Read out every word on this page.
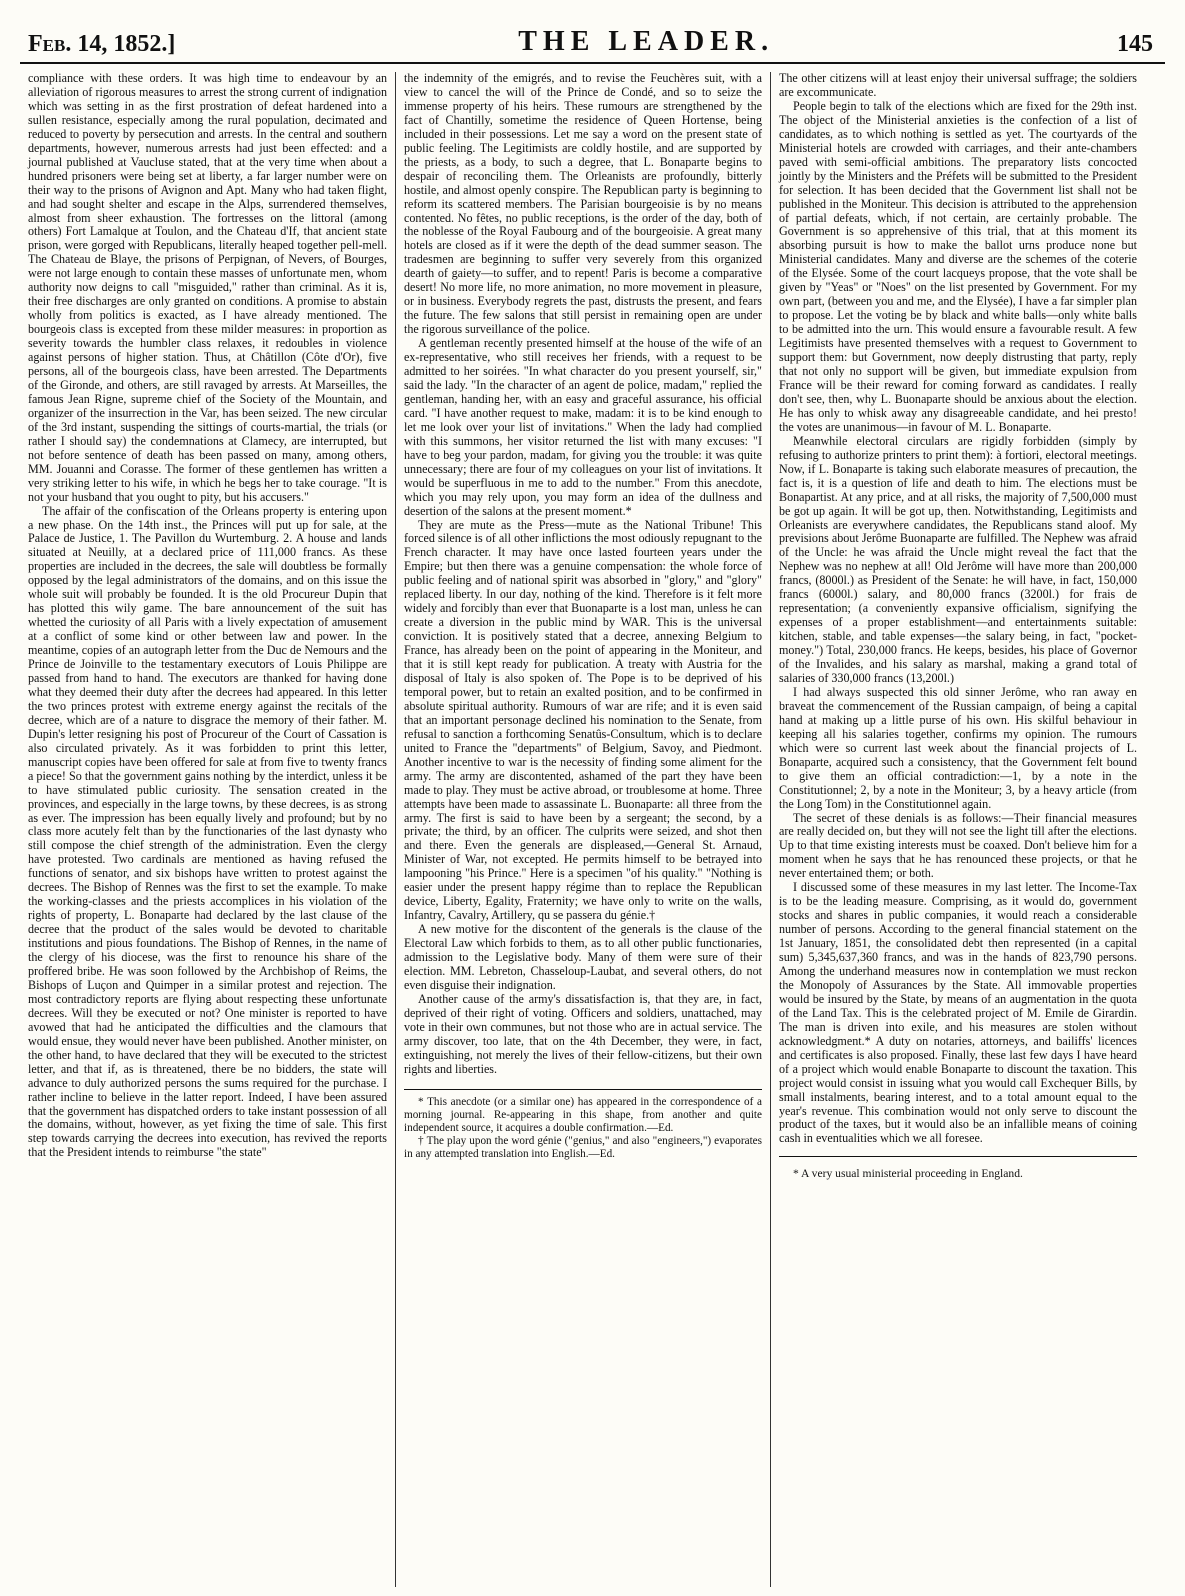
Feb. 14, 1852.]	THE LEADER.	145

compliance with these orders. It was high time to endeavour by an alleviation of rigorous measures to arrest the strong current of indignation which was setting in as the first prostration of defeat hardened into a sullen resistance, especially among the rural population, decimated and reduced to poverty by persecution and arrests. In the central and southern departments, however, numerous arrests had just been effected: and a journal published at Vaucluse stated, that at the very time when about a hundred prisoners were being set at liberty, a far larger number were on their way to the prisons of Avignon and Apt. Many who had taken flight, and had sought shelter and escape in the Alps, surrendered themselves, almost from sheer exhaustion. The fortresses on the littoral (among others) Fort Lamalque at Toulon, and the Chateau d'If, that ancient state prison, were gorged with Republicans, literally heaped together pell-mell. The Chateau de Blaye, the prisons of Perpignan, of Nevers, of Bourges, were not large enough to contain these masses of unfortunate men, whom authority now deigns to call "misguided," rather than criminal. As it is, their free discharges are only granted on conditions. A promise to abstain wholly from politics is exacted, as I have already mentioned. The bourgeois class is excepted from these milder measures: in proportion as severity towards the humbler class relaxes, it redoubles in violence against persons of higher station. Thus, at Châtillon (Côte d'Or), five persons, all of the bourgeois class, have been arrested. The Departments of the Gironde, and others, are still ravaged by arrests. At Marseilles, the famous Jean Rigne, supreme chief of the Society of the Mountain, and organizer of the insurrection in the Var, has been seized. The new circular of the 3rd instant, suspending the sittings of courts-martial, the trials (or rather I should say) the condemnations at Clamecy, are interrupted, but not before sentence of death has been passed on many, among others, MM. Jouanni and Corasse. The former of these gentlemen has written a very striking letter to his wife, in which he begs her to take courage. "It is not your husband that you ought to pity, but his accusers."

The affair of the confiscation of the Orleans property is entering upon a new phase. On the 14th inst., the Princes will put up for sale, at the Palace de Justice, 1. The Pavillon du Wurtemburg. 2. A house and lands situated at Neuilly, at a declared price of 111,000 francs. As these properties are included in the decrees, the sale will doubtless be formally opposed by the legal administrators of the domains, and on this issue the whole suit will probably be founded. It is the old Procureur Dupin that has plotted this wily game. The bare announcement of the suit has whetted the curiosity of all Paris with a lively expectation of amusement at a conflict of some kind or other between law and power. In the meantime, copies of an autograph letter from the Duc de Nemours and the Prince de Joinville to the testamentary executors of Louis Philippe are passed from hand to hand. The executors are thanked for having done what they deemed their duty after the decrees had appeared. In this letter the two princes protest with extreme energy against the recitals of the decree, which are of a nature to disgrace the memory of their father. M. Dupin's letter resigning his post of Procureur of the Court of Cassation is also circulated privately. As it was forbidden to print this letter, manuscript copies have been offered for sale at from five to twenty francs a piece! So that the government gains nothing by the interdict, unless it be to have stimulated public curiosity. The sensation created in the provinces, and especially in the large towns, by these decrees, is as strong as ever. The impression has been equally lively and profound; but by no class more acutely felt than by the functionaries of the last dynasty who still compose the chief strength of the administration. Even the clergy have protested. Two cardinals are mentioned as having refused the functions of senator, and six bishops have written to protest against the decrees. The Bishop of Rennes was the first to set the example. To make the working-classes and the priests accomplices in his violation of the rights of property, L. Bonaparte had declared by the last clause of the decree that the product of the sales would be devoted to charitable institutions and pious foundations. The Bishop of Rennes, in the name of the clergy of his diocese, was the first to renounce his share of the proffered bribe. He was soon followed by the Archbishop of Reims, the Bishops of Luçon and Quimper in a similar protest and rejection. The most contradictory reports are flying about respecting these unfortunate decrees. Will they be executed or not? One minister is reported to have avowed that had he anticipated the difficulties and the clamours that would ensue, they would never have been published. Another minister, on the other hand, to have declared that they will be executed to the strictest letter, and that if, as is threatened, there be no bidders, the state will advance to duly authorized persons the sums required for the purchase. I rather incline to believe in the latter report. Indeed, I have been assured that the government has dispatched orders to take instant possession of all the domains, without, however, as yet fixing the time of sale. This first step towards carrying the decrees into execution, has revived the reports that the President intends to reimburse "the state"

the indemnity of the emigrés, and to revise the Feuchères suit, with a view to cancel the will of the Prince de Condé, and so to seize the immense property of his heirs. These rumours are strengthened by the fact of Chantilly, sometime the residence of Queen Hortense, being included in their possessions. Let me say a word on the present state of public feeling. The Legitimists are coldly hostile, and are supported by the priests, as a body, to such a degree, that L. Bonaparte begins to despair of reconciling them. The Orleanists are profoundly, bitterly hostile, and almost openly conspire. The Republican party is beginning to reform its scattered members. The Parisian bourgeoisie is by no means contented. No fêtes, no public receptions, is the order of the day, both of the noblesse of the Royal Faubourg and of the bourgeoisie. A great many hotels are closed as if it were the depth of the dead summer season. The tradesmen are beginning to suffer very severely from this organized dearth of gaiety—to suffer, and to repent! Paris is become a comparative desert! No more life, no more animation, no more movement in pleasure, or in business. Everybody regrets the past, distrusts the present, and fears the future. The few salons that still persist in remaining open are under the rigorous surveillance of the police.

A gentleman recently presented himself at the house of the wife of an ex-representative, who still receives her friends, with a request to be admitted to her soirées. "In what character do you present yourself, sir," said the lady. "In the character of an agent de police, madam," replied the gentleman, handing her, with an easy and graceful assurance, his official card. "I have another request to make, madam: it is to be kind enough to let me look over your list of invitations." When the lady had complied with this summons, her visitor returned the list with many excuses: "I have to beg your pardon, madam, for giving you the trouble: it was quite unnecessary; there are four of my colleagues on your list of invitations. It would be superfluous in me to add to the number." From this anecdote, which you may rely upon, you may form an idea of the dullness and desertion of the salons at the present moment.*

They are mute as the Press—mute as the National Tribune! This forced silence is of all other inflictions the most odiously repugnant to the French character. It may have once lasted fourteen years under the Empire; but then there was a genuine compensation: the whole force of public feeling and of national spirit was absorbed in "glory," and "glory" replaced liberty. In our day, nothing of the kind. Therefore is it felt more widely and forcibly than ever that Buonaparte is a lost man, unless he can create a diversion in the public mind by WAR. This is the universal conviction. It is positively stated that a decree, annexing Belgium to France, has already been on the point of appearing in the Moniteur, and that it is still kept ready for publication. A treaty with Austria for the disposal of Italy is also spoken of. The Pope is to be deprived of his temporal power, but to retain an exalted position, and to be confirmed in absolute spiritual authority. Rumours of war are rife; and it is even said that an important personage declined his nomination to the Senate, from refusal to sanction a forthcoming Senatûs-Consultum, which is to declare united to France the "departments" of Belgium, Savoy, and Piedmont. Another incentive to war is the necessity of finding some aliment for the army. The army are discontented, ashamed of the part they have been made to play. They must be active abroad, or troublesome at home. Three attempts have been made to assassinate L. Buonaparte: all three from the army. The first is said to have been by a sergeant; the second, by a private; the third, by an officer. The culprits were seized, and shot then and there. Even the generals are displeased,—General St. Arnaud, Minister of War, not excepted. He permits himself to be betrayed into lampooning "his Prince." Here is a specimen "of his quality." "Nothing is easier under the present happy régime than to replace the Republican device, Liberty, Egality, Fraternity; we have only to write on the walls, Infantry, Cavalry, Artillery, qu se passera du génie.†

A new motive for the discontent of the generals is the clause of the Electoral Law which forbids to them, as to all other public functionaries, admission to the Legislative body. Many of them were sure of their election. MM. Lebreton, Chasseloup-Laubat, and several others, do not even disguise their indignation.

Another cause of the army's dissatisfaction is, that they are, in fact, deprived of their right of voting. Officers and soldiers, unattached, may vote in their own communes, but not those who are in actual service. The army discover, too late, that on the 4th December, they were, in fact, extinguishing, not merely the lives of their fellow-citizens, but their own rights and liberties.

* This anecdote (or a similar one) has appeared in the correspondence of a morning journal. Re-appearing in this shape, from another and quite independent source, it acquires a double confirmation.—Ed.

† The play upon the word génie ("genius," and also "engineers,") evaporates in any attempted translation into English.—Ed.

The other citizens will at least enjoy their universal suffrage; the soldiers are excommunicate.

People begin to talk of the elections which are fixed for the 29th inst. The object of the Ministerial anxieties is the confection of a list of candidates, as to which nothing is settled as yet. The courtyards of the Ministerial hotels are crowded with carriages, and their ante-chambers paved with semi-official ambitions. The preparatory lists concocted jointly by the Ministers and the Préfets will be submitted to the President for selection. It has been decided that the Government list shall not be published in the Moniteur. This decision is attributed to the apprehension of partial defeats, which, if not certain, are certainly probable. The Government is so apprehensive of this trial, that at this moment its absorbing pursuit is how to make the ballot urns produce none but Ministerial candidates. Many and diverse are the schemes of the coterie of the Elysée. Some of the court lacqueys propose, that the vote shall be given by "Yeas" or "Noes" on the list presented by Government. For my own part, (between you and me, and the Elysée), I have a far simpler plan to propose. Let the voting be by black and white balls—only white balls to be admitted into the urn. This would ensure a favourable result. A few Legitimists have presented themselves with a request to Government to support them: but Government, now deeply distrusting that party, reply that not only no support will be given, but immediate expulsion from France will be their reward for coming forward as candidates. I really don't see, then, why L. Buonaparte should be anxious about the election. He has only to whisk away any disagreeable candidate, and hei presto! the votes are unanimous—in favour of M. L. Bonaparte.

Meanwhile electoral circulars are rigidly forbidden (simply by refusing to authorize printers to print them): à fortiori, electoral meetings. Now, if L. Bonaparte is taking such elaborate measures of precaution, the fact is, it is a question of life and death to him. The elections must be Bonapartist. At any price, and at all risks, the majority of 7,500,000 must be got up again. It will be got up, then. Notwithstanding, Legitimists and Orleanists are everywhere candidates, the Republicans stand aloof. My previsions about Jerôme Buonaparte are fulfilled. The Nephew was afraid of the Uncle: he was afraid the Uncle might reveal the fact that the Nephew was no nephew at all! Old Jerôme will have more than 200,000 francs, (8000l.) as President of the Senate: he will have, in fact, 150,000 francs (6000l.) salary, and 80,000 francs (3200l.) for frais de representation; (a conveniently expansive officialism, signifying the expenses of a proper establishment—and entertainments suitable: kitchen, stable, and table expenses—the salary being, in fact, "pocket-money.") Total, 230,000 francs. He keeps, besides, his place of Governor of the Invalides, and his salary as marshal, making a grand total of salaries of 330,000 francs (13,200l.)

I had always suspected this old sinner Jerôme, who ran away en braveat the commencement of the Russian campaign, of being a capital hand at making up a little purse of his own. His skilful behaviour in keeping all his salaries together, confirms my opinion. The rumours which were so current last week about the financial projects of L. Bonaparte, acquired such a consistency, that the Government felt bound to give them an official contradiction:—1, by a note in the Constitutionnel; 2, by a note in the Moniteur; 3, by a heavy article (from the Long Tom) in the Constitutionnel again.

The secret of these denials is as follows:—Their financial measures are really decided on, but they will not see the light till after the elections. Up to that time existing interests must be coaxed. Don't believe him for a moment when he says that he has renounced these projects, or that he never entertained them; or both.

I discussed some of these measures in my last letter. The Income-Tax is to be the leading measure. Comprising, as it would do, government stocks and shares in public companies, it would reach a considerable number of persons. According to the general financial statement on the 1st January, 1851, the consolidated debt then represented (in a capital sum) 5,345,637,360 francs, and was in the hands of 823,790 persons. Among the underhand measures now in contemplation we must reckon the Monopoly of Assurances by the State. All immovable properties would be insured by the State, by means of an augmentation in the quota of the Land Tax. This is the celebrated project of M. Emile de Girardin. The man is driven into exile, and his measures are stolen without acknowledgment.* A duty on notaries, attorneys, and bailiffs' licences and certificates is also proposed. Finally, these last few days I have heard of a project which would enable Bonaparte to discount the taxation. This project would consist in issuing what you would call Exchequer Bills, by small instalments, bearing interest, and to a total amount equal to the year's revenue. This combination would not only serve to discount the product of the taxes, but it would also be an infallible means of coining cash in eventualities which we all foresee.

* A very usual ministerial proceeding in England.
